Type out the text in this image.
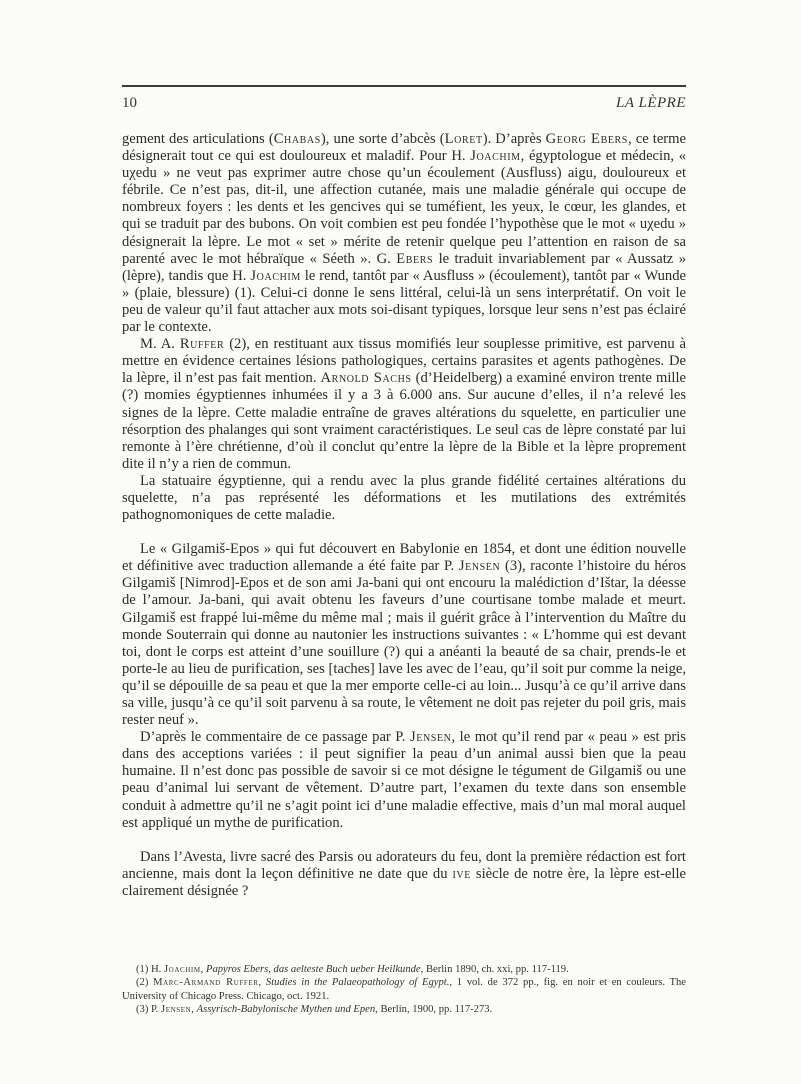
10	LA LÈPRE

gement des articulations (Chabas), une sorte d’abcès (Loret). D’après Georg Ebers, ce terme désignerait tout ce qui est douloureux et maladif. Pour H. Joachim, égyptologue et médecin, « uχedu » ne veut pas exprimer autre chose qu’un écoulement (Ausfluss) aigu, douloureux et fébrile. Ce n’est pas, dit-il, une affection cutanée, mais une maladie générale qui occupe de nombreux foyers : les dents et les gencives qui se tuméfient, les yeux, le cœur, les glandes, et qui se traduit par des bubons. On voit combien est peu fondée l’hypothèse que le mot « uχedu » désignerait la lèpre. Le mot « set » mérite de retenir quelque peu l’attention en raison de sa parenté avec le mot hébraïque « Séeth ». G. Ebers le traduit invariablement par « Aussatz » (lèpre), tandis que H. Joachim le rend, tantôt par « Ausfluss » (écoulement), tantôt par « Wunde » (plaie, blessure) (1). Celui-ci donne le sens littéral, celui-là un sens interprétatif. On voit le peu de valeur qu’il faut attacher aux mots soi-disant typiques, lorsque leur sens n’est pas éclairé par le contexte.

M. A. Ruffer (2), en restituant aux tissus momifiés leur souplesse primitive, est parvenu à mettre en évidence certaines lésions pathologiques, certains parasites et agents pathogènes. De la lèpre, il n’est pas fait mention. Arnold Sachs (d’Heidelberg) a examiné environ trente mille (?) momies égyptiennes inhumées il y a 3 à 6.000 ans. Sur aucune d’elles, il n’a relevé les signes de la lèpre. Cette maladie entraîne de graves altérations du squelette, en particulier une résorption des phalanges qui sont vraiment caractéristiques. Le seul cas de lèpre constaté par lui remonte à l’ère chrétienne, d’où il conclut qu’entre la lèpre de la Bible et la lèpre proprement dite il n’y a rien de commun.

La statuaire égyptienne, qui a rendu avec la plus grande fidélité certaines altérations du squelette, n’a pas représenté les déformations et les mutilations des extrémités pathognomoniques de cette maladie.

Le « Gilgamiš-Epos » qui fut découvert en Babylonie en 1854, et dont une édition nouvelle et définitive avec traduction allemande a été faite par P. Jensen (3), raconte l’histoire du héros Gilgamiš [Nimrod]-Epos et de son ami Ja-bani qui ont encouru la malédiction d’Ištar, la déesse de l’amour. Ja-bani, qui avait obtenu les faveurs d’une courtisane tombe malade et meurt. Gilgamiš est frappé lui-même du même mal ; mais il guérit grâce à l’intervention du Maître du monde Souterrain qui donne au nautonier les instructions suivantes : « L’homme qui est devant toi, dont le corps est atteint d’une souillure (?) qui a anéanti la beauté de sa chair, prends-le et porte-le au lieu de purification, ses [taches] lave les avec de l’eau, qu’il soit pur comme la neige, qu’il se dépouille de sa peau et que la mer emporte celle-ci au loin... Jusqu’à ce qu’il arrive dans sa ville, jusqu’à ce qu’il soit parvenu à sa route, le vêtement ne doit pas rejeter du poil gris, mais rester neuf ».

D’après le commentaire de ce passage par P. Jensen, le mot qu’il rend par « peau » est pris dans des acceptions variées : il peut signifier la peau d’un animal aussi bien que la peau humaine. Il n’est donc pas possible de savoir si ce mot désigne le tégument de Gilgamiš ou une peau d’animal lui servant de vêtement. D’autre part, l’examen du texte dans son ensemble conduit à admettre qu’il ne s’agit point ici d’une maladie effective, mais d’un mal moral auquel est appliqué un mythe de purification.

Dans l’Avesta, livre sacré des Parsis ou adorateurs du feu, dont la première rédaction est fort ancienne, mais dont la leçon définitive ne date que du ive siècle de notre ère, la lèpre est-elle clairement désignée ?

(1) H. Joachim, Papyros Ebers, das aelteste Buch ueber Heilkunde, Berlin 1890, ch. xxi, pp. 117-119.

(2) Marc-Armand Ruffer, Studies in the Palaeopathology of Egypt., 1 vol. de 372 pp., fig. en noir et en couleurs. The University of Chicago Press. Chicago, oct. 1921.

(3) P. Jensen, Assyrisch-Babylonische Mythen und Epen, Berlin, 1900, pp. 117-273.
